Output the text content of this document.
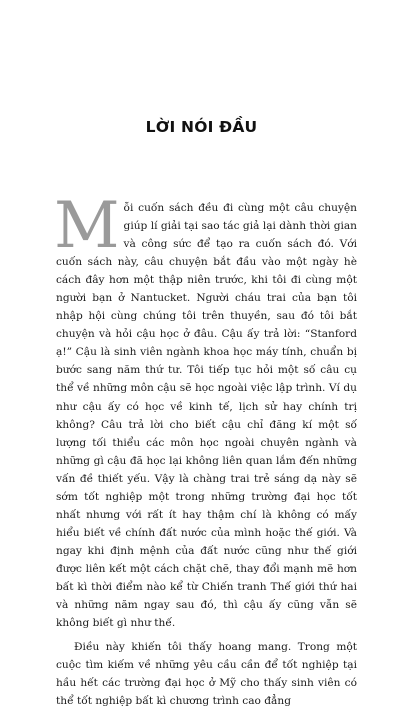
LỜI NÓI ĐẦU

Mỗi cuốn sách đều đi cùng một câu chuyện giúp lí giải tại sao tác giả lại dành thời gian và công sức để tạo ra cuốn sách đó. Với cuốn sách này, câu chuyện bắt đầu vào một ngày hè cách đây hơn một thập niên trước, khi tôi đi cùng một người bạn ở Nantucket. Người cháu trai của bạn tôi nhập hội cùng chúng tôi trên thuyền, sau đó tôi bắt chuyện và hỏi cậu học ở đâu. Cậu ấy trả lời: “Stanford ạ!” Cậu là sinh viên ngành khoa học máy tính, chuẩn bị bước sang năm thứ tư. Tôi tiếp tục hỏi một số câu cụ thể về những môn cậu sẽ học ngoài việc lập trình. Ví dụ như cậu ấy có học về kinh tế, lịch sử hay chính trị không? Câu trả lời cho biết cậu chỉ đăng kí một số lượng tối thiểu các môn học ngoài chuyên ngành và những gì cậu đã học lại không liên quan lắm đến những vấn đề thiết yếu. Vậy là chàng trai trẻ sáng dạ này sẽ sớm tốt nghiệp một trong những trường đại học tốt nhất nhưng với rất ít hay thậm chí là không có mấy hiểu biết về chính đất nước của mình hoặc thế giới. Và ngay khi định mệnh của đất nước cũng như thế giới được liên kết một cách chặt chẽ, thay đổi mạnh mẽ hơn bất kì thời điểm nào kể từ Chiến tranh Thế giới thứ hai và những năm ngay sau đó, thì cậu ấy cũng vẫn sẽ không biết gì như thế.

Điều này khiến tôi thấy hoang mang. Trong một cuộc tìm kiếm về những yêu cầu cần để tốt nghiệp tại hầu hết các trường đại học ở Mỹ cho thấy sinh viên có thể tốt nghiệp bất kì chương trình cao đẳng
